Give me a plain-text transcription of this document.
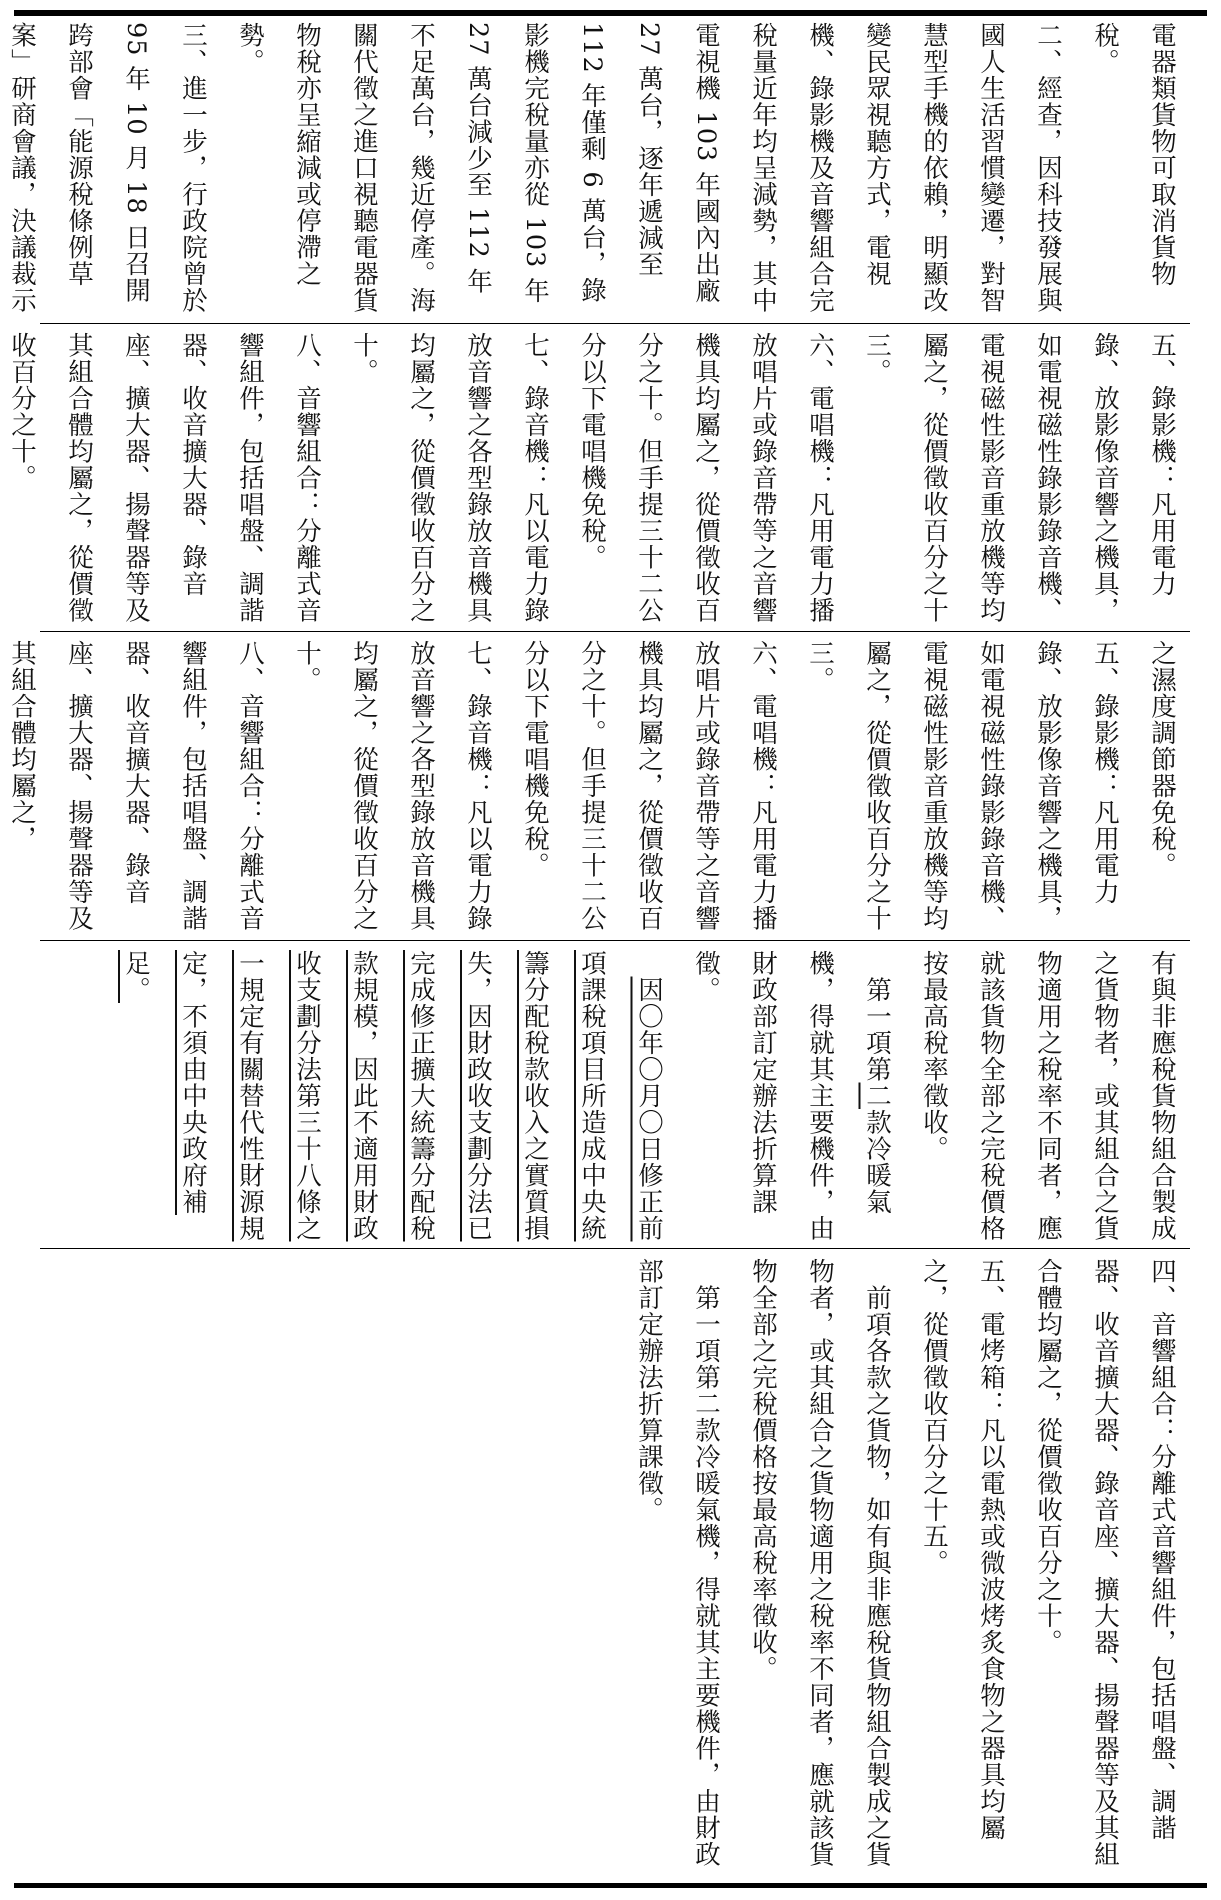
電器類貨物可取消貨物稅。
二、經查，因科技發展與國人生活習慣變遷，對智慧型手機的依賴，明顯改變民眾視聽方式，電視機、錄影機及音響組合完稅量近年均呈減勢，其中電視機 103 年國內出廠 27 萬台，逐年遞減至 112 年僅剩 6 萬台，錄影機完稅量亦從 103 年 27 萬台減少至 112 年不足萬台，幾近停產。海關代徵之進口視聽電器貨物稅亦呈縮減或停滯之勢。
三、進一步，行政院曾於 95 年 10 月 18 日召開跨部會「能源稅條例草案」研商會議，決議裁示
五、錄影機：凡用電力錄、放影像音響之機具，如電視磁性錄影錄音機、電視磁性影音重放機等均屬之，從價徵收百分之十三。
六、電唱機：凡用電力播放唱片或錄音帶等之音響機具均屬之，從價徵收百分之十。但手提三十二公分以下電唱機免稅。
七、錄音機：凡以電力錄放音響之各型錄放音機具均屬之，從價徵收百分之十。
八、音響組合：分離式音響組件，包括唱盤、調諧器、收音擴大器、錄音座、擴大器、揚聲器等及其組合體均屬之，從價徵收百分之十。
之濕度調節器免稅。
五、錄影機：凡用電力錄、放影像音響之機具，如電視磁性錄影錄音機、電視磁性影音重放機等均屬之，從價徵收百分之十三。
六、電唱機：凡用電力播放唱片或錄音帶等之音響機具均屬之，從價徵收百分之十。但手提三十二公分以下電唱機免稅。
七、錄音機：凡以電力錄放音響之各型錄放音機具均屬之，從價徵收百分之十。
八、音響組合：分離式音響組件，包括唱盤、調諧器、收音擴大器、錄音座、擴大器、揚聲器等及其組合體均屬之，
有與非應稅貨物組合製成之貨物者，或其組合之貨物適用之稅率不同者，應就該貨物全部之完稅價格按最高稅率徵收。
　第一項第二款冷暖氣機，得就其主要機件，由財政部訂定辦法折算課徵。
　因〇年〇月〇日修正前項課稅項目所造成中央統籌分配稅款收入之實質損失，因財政收支劃分法已完成修正擴大統籌分配稅款規模，因此不適用財政收支劃分法第三十八條之一規定有關替代性財源規定，不須由中央政府補足。
四、音響組合：分離式音響組件，包括唱盤、調諧器、收音擴大器、錄音座、擴大器、揚聲器等及其組合體均屬之，從價徵收百分之十。
五、電烤箱：凡以電熱或微波烤炙食物之器具均屬之，從價徵收百分之十五。
　前項各款之貨物，如有與非應稅貨物組合製成之貨物者，或其組合之貨物適用之稅率不同者，應就該貨物全部之完稅價格按最高稅率徵收。
　第一項第二款冷暖氣機，得就其主要機件，由財政部訂定辦法折算課徵。
